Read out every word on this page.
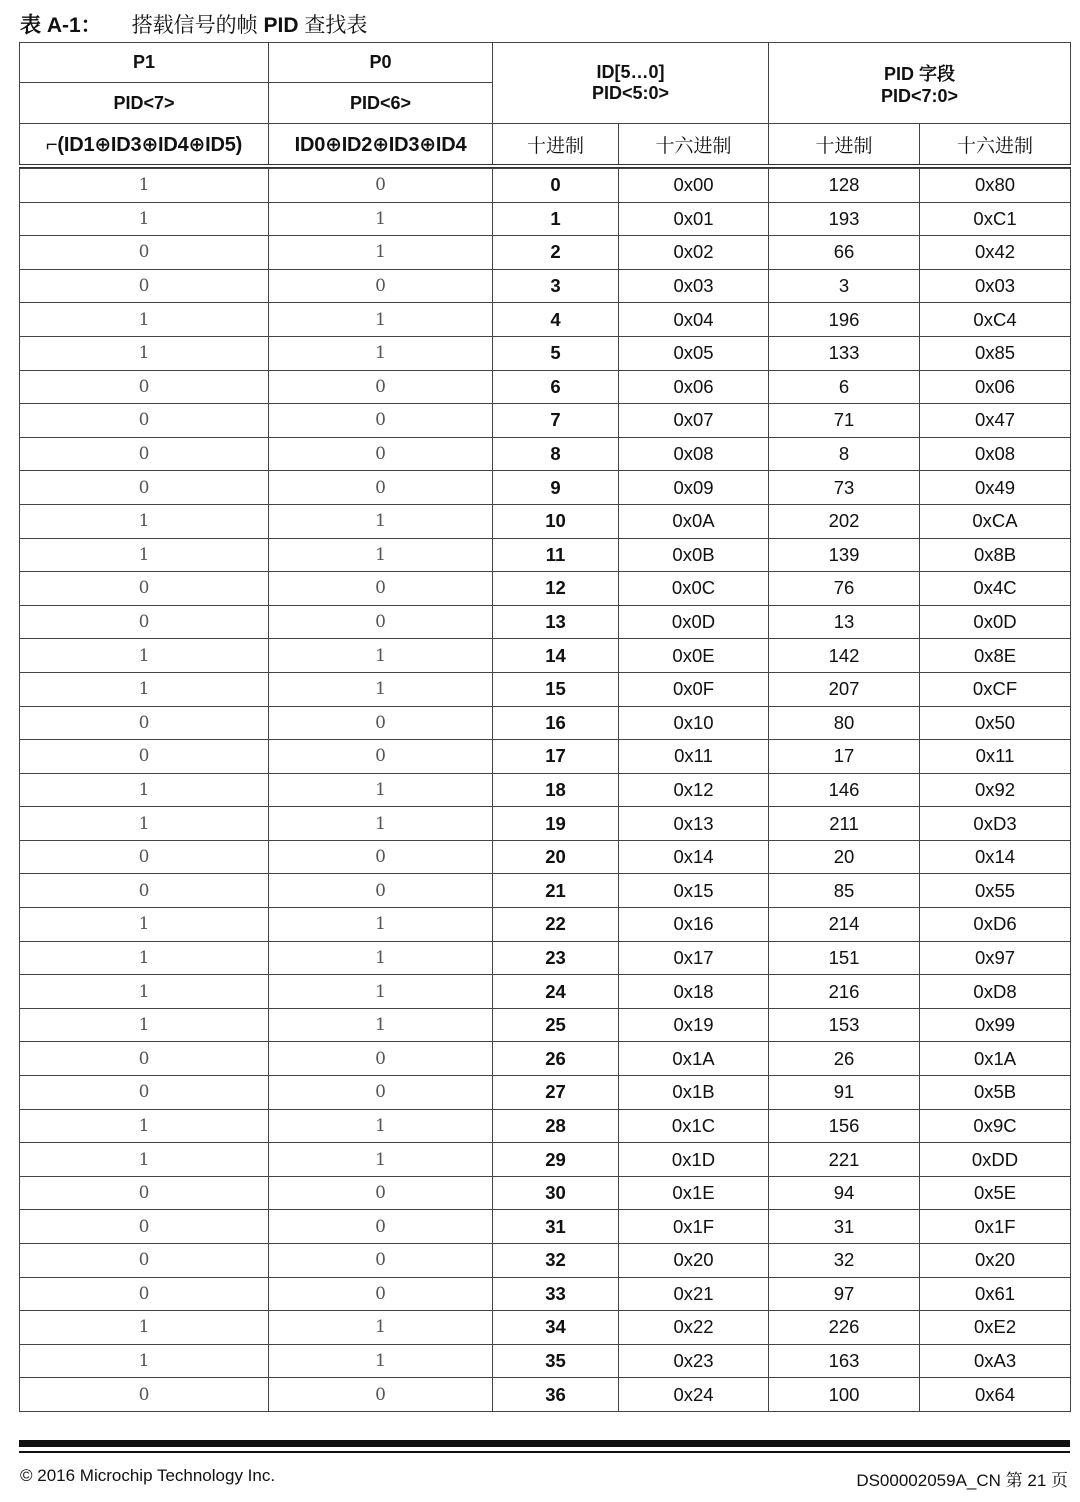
表 A-1： 搭载信号的帧 PID 查找表
P1	P0	ID[5…0]
PID<5:0>		PID 字段
PID<7:0>	

PID<7>	PID<6>				
⌐(ID1⊕ID3⊕ID4⊕ID5)	ID0⊕ID2⊕ID3⊕ID4	十进制	十六进制	十进制	十六进制

1	0	0	0x00	128	0x80
1	1	1	0x01	193	0xC1
0	1	2	0x02	66	0x42
0	0	3	0x03	3	0x03
1	1	4	0x04	196	0xC4
1	1	5	0x05	133	0x85
0	0	6	0x06	6	0x06
0	0	7	0x07	71	0x47
0	0	8	0x08	8	0x08
0	0	9	0x09	73	0x49
1	1	10	0x0A	202	0xCA
1	1	11	0x0B	139	0x8B
0	0	12	0x0C	76	0x4C
0	0	13	0x0D	13	0x0D
1	1	14	0x0E	142	0x8E
1	1	15	0x0F	207	0xCF
0	0	16	0x10	80	0x50
0	0	17	0x11	17	0x11
1	1	18	0x12	146	0x92
1	1	19	0x13	211	0xD3
0	0	20	0x14	20	0x14
0	0	21	0x15	85	0x55
1	1	22	0x16	214	0xD6
1	1	23	0x17	151	0x97
1	1	24	0x18	216	0xD8
1	1	25	0x19	153	0x99
0	0	26	0x1A	26	0x1A
0	0	27	0x1B	91	0x5B
1	1	28	0x1C	156	0x9C
1	1	29	0x1D	221	0xDD
0	0	30	0x1E	94	0x5E
0	0	31	0x1F	31	0x1F
0	0	32	0x20	32	0x20
0	0	33	0x21	97	0x61
1	1	34	0x22	226	0xE2
1	1	35	0x23	163	0xA3
0	0	36	0x24	100	0x64
© 2016 Microchip Technology Inc.	DS00002059A_CN 第 21 页
